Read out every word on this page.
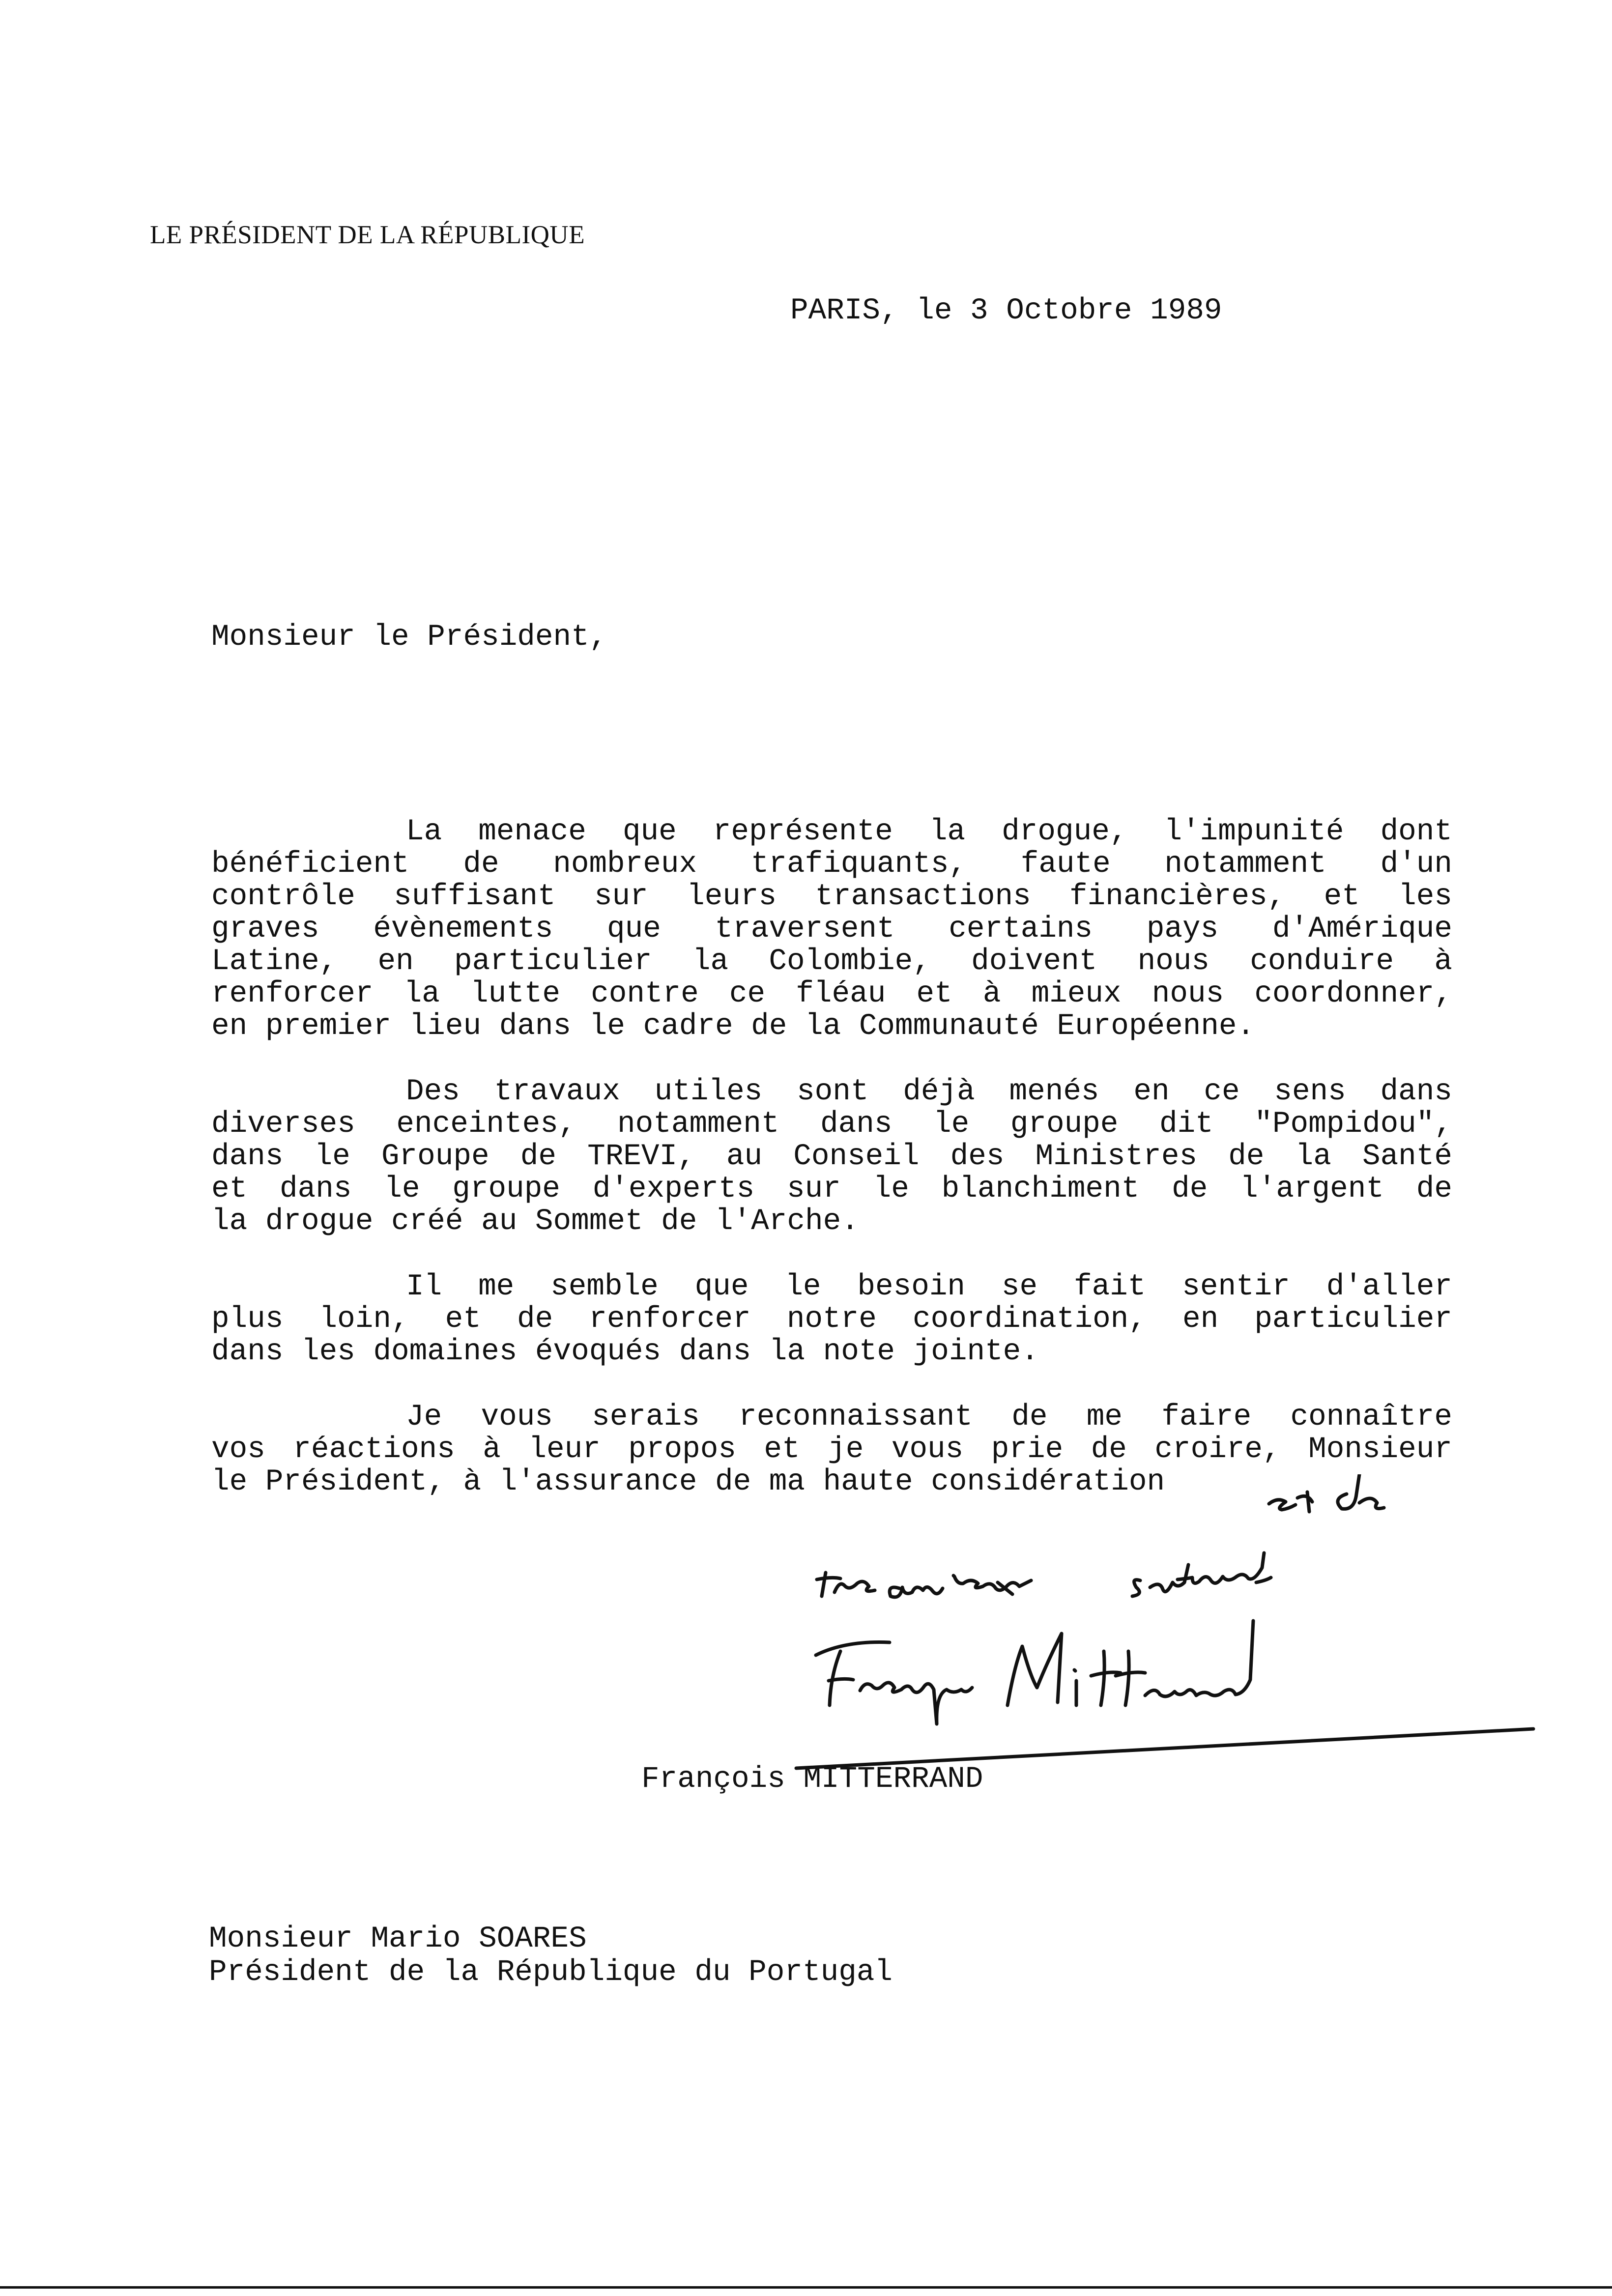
LE PRÉSIDENT DE LA RÉPUBLIQUE
PARIS, le 3 Octobre 1989
Monsieur le Président,
La menace que représente la drogue, l'impunité dont
bénéficient de nombreux trafiquants, faute notamment d'un
contrôle suffisant sur leurs transactions financières, et les
graves évènements que traversent certains pays d'Amérique
Latine, en particulier la Colombie, doivent nous conduire à
renforcer la lutte contre ce fléau et à mieux nous coordonner,
en premier lieu dans le cadre de la Communauté Européenne.
Des travaux utiles sont déjà menés en ce sens dans
diverses enceintes, notamment dans le groupe dit "Pompidou",
dans le Groupe de TREVI, au Conseil des Ministres de la Santé
et dans le groupe d'experts sur le blanchiment de l'argent de
la drogue créé au Sommet de l'Arche.
Il me semble que le besoin se fait sentir d'aller
plus loin, et de renforcer notre coordination, en particulier
dans les domaines évoqués dans la note jointe.
Je vous serais reconnaissant de me faire connaître
vos réactions à leur propos et je vous prie de croire, Monsieur
le Président, à l'assurance de ma haute considération
François MITTERRAND
Monsieur Mario SOARES
Président de la République du Portugal
